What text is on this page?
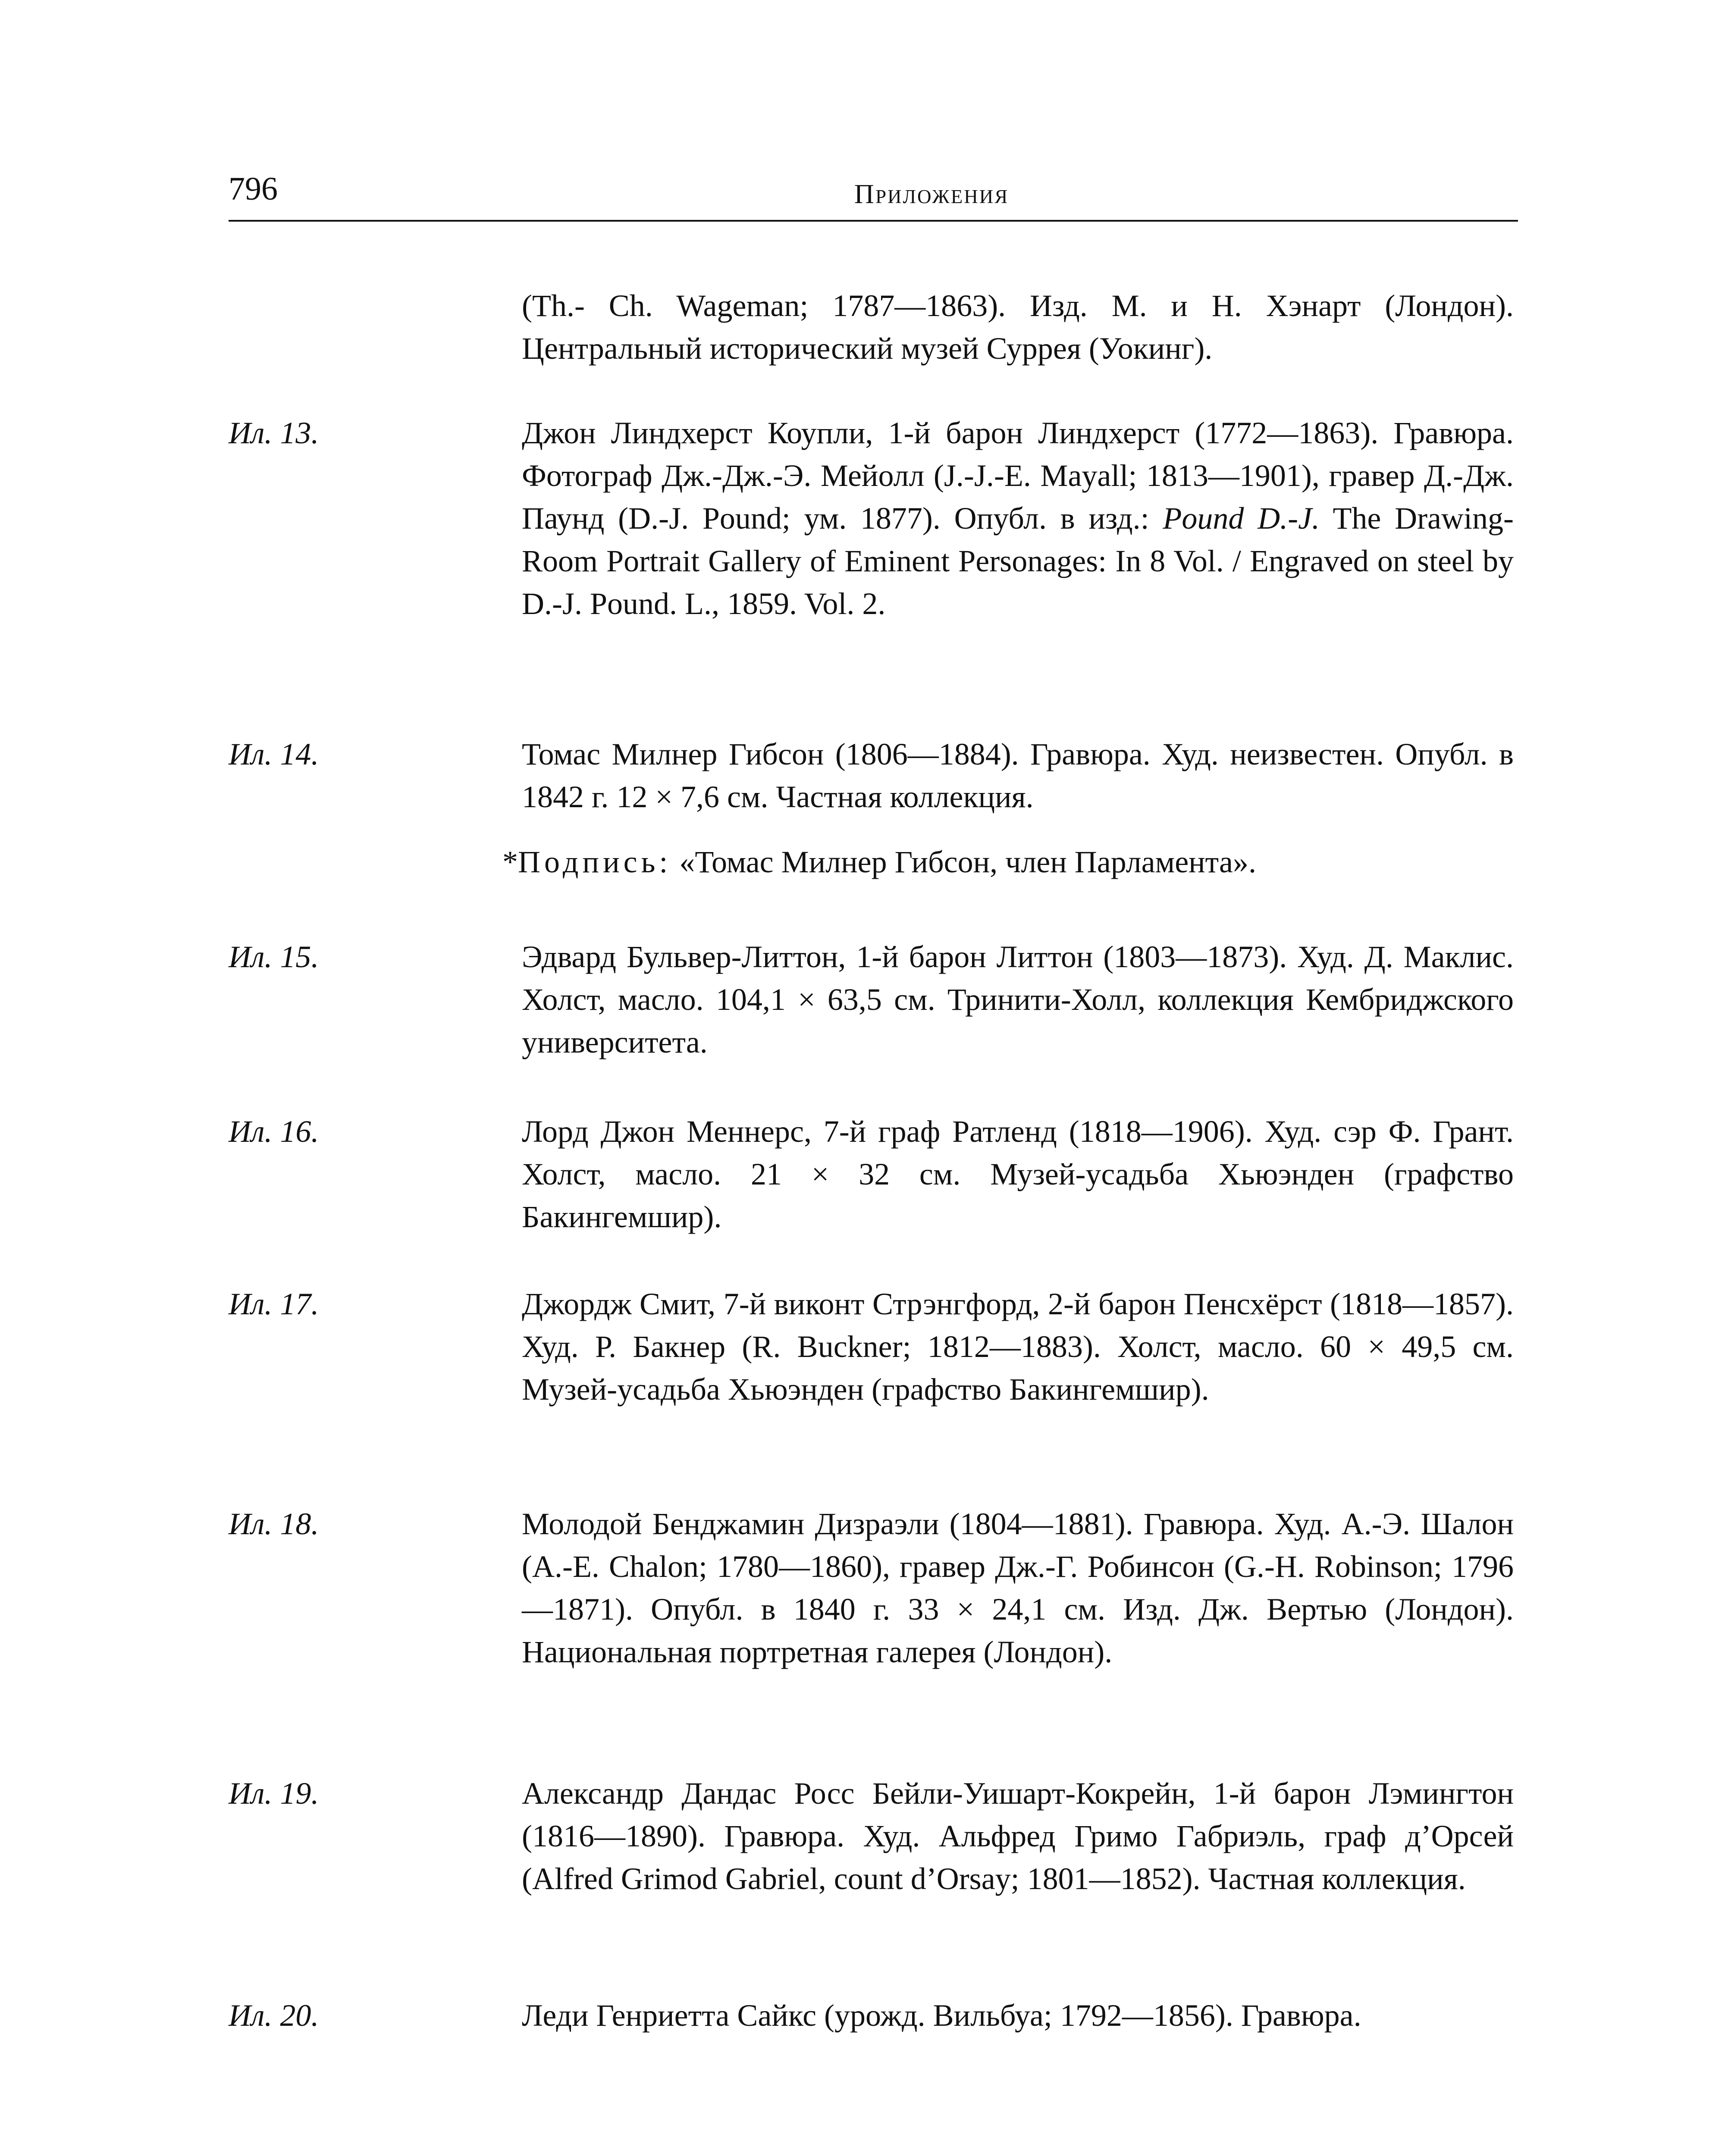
796	Приложения
(Th.- Ch. Wageman; 1787—1863). Изд. М. и Н. Хэнарт (Лондон). Центральный исторический музей Суррея (Уокинг).
Ил. 13.	Джон Линдхерст Коупли, 1-й барон Линдхерст (1772—1863). Гравюра. Фотограф Дж.-Дж.-Э. Мейолл (J.-J.-E. Mayall; 1813—1901), гравер Д.-Дж. Паунд (D.-J. Pound; ум. 1877). Опубл. в изд.: Pound D.-J. The Drawing-Room Portrait Gallery of Eminent Personages: In 8 Vol. / Engraved on steel by D.-J. Pound. L., 1859. Vol. 2.
Ил. 14.	Томас Милнер Гибсон (1806—1884). Гравюра. Худ. неизвестен. Опубл. в 1842 г. 12 × 7,6 см. Частная коллекция.
*Подпись: «Томас Милнер Гибсон, член Парламента».
Ил. 15.	Эдвард Бульвер-Литтон, 1-й барон Литтон (1803—1873). Худ. Д. Маклис. Холст, масло. 104,1 × 63,5 см. Тринити-Холл, коллекция Кембриджского университета.
Ил. 16.	Лорд Джон Меннерс, 7-й граф Ратленд (1818—1906). Худ. сэр Ф. Грант. Холст, масло. 21 × 32 см. Музей-усадьба Хьюэнден (графство Бакингемшир).
Ил. 17.	Джордж Смит, 7-й виконт Стрэнгфорд, 2-й барон Пенсхёрст (1818—1857). Худ. Р. Бакнер (R. Buckner; 1812—1883). Холст, масло. 60 × 49,5 см. Музей-усадьба Хьюэнден (графство Бакингемшир).
Ил. 18.	Молодой Бенджамин Дизраэли (1804—1881). Гравюра. Худ. А.-Э. Шалон (A.-E. Chalon; 1780—1860), гравер Дж.-Г. Робинсон (G.-H. Robinson; 1796—1871). Опубл. в 1840 г. 33 × 24,1 см. Изд. Дж. Вертью (Лондон). Национальная портретная галерея (Лондон).
Ил. 19.	Александр Дандас Росс Бейли-Уишарт-Кокрейн, 1-й барон Лэмингтон (1816—1890). Гравюра. Худ. Альфред Гримо Габриэль, граф д’Орсей (Alfred Grimod Gabriel, count d’Orsay; 1801—1852). Частная коллекция.
Ил. 20.	Леди Генриетта Сайкс (урожд. Вильбуа; 1792—1856). Гравюра.
